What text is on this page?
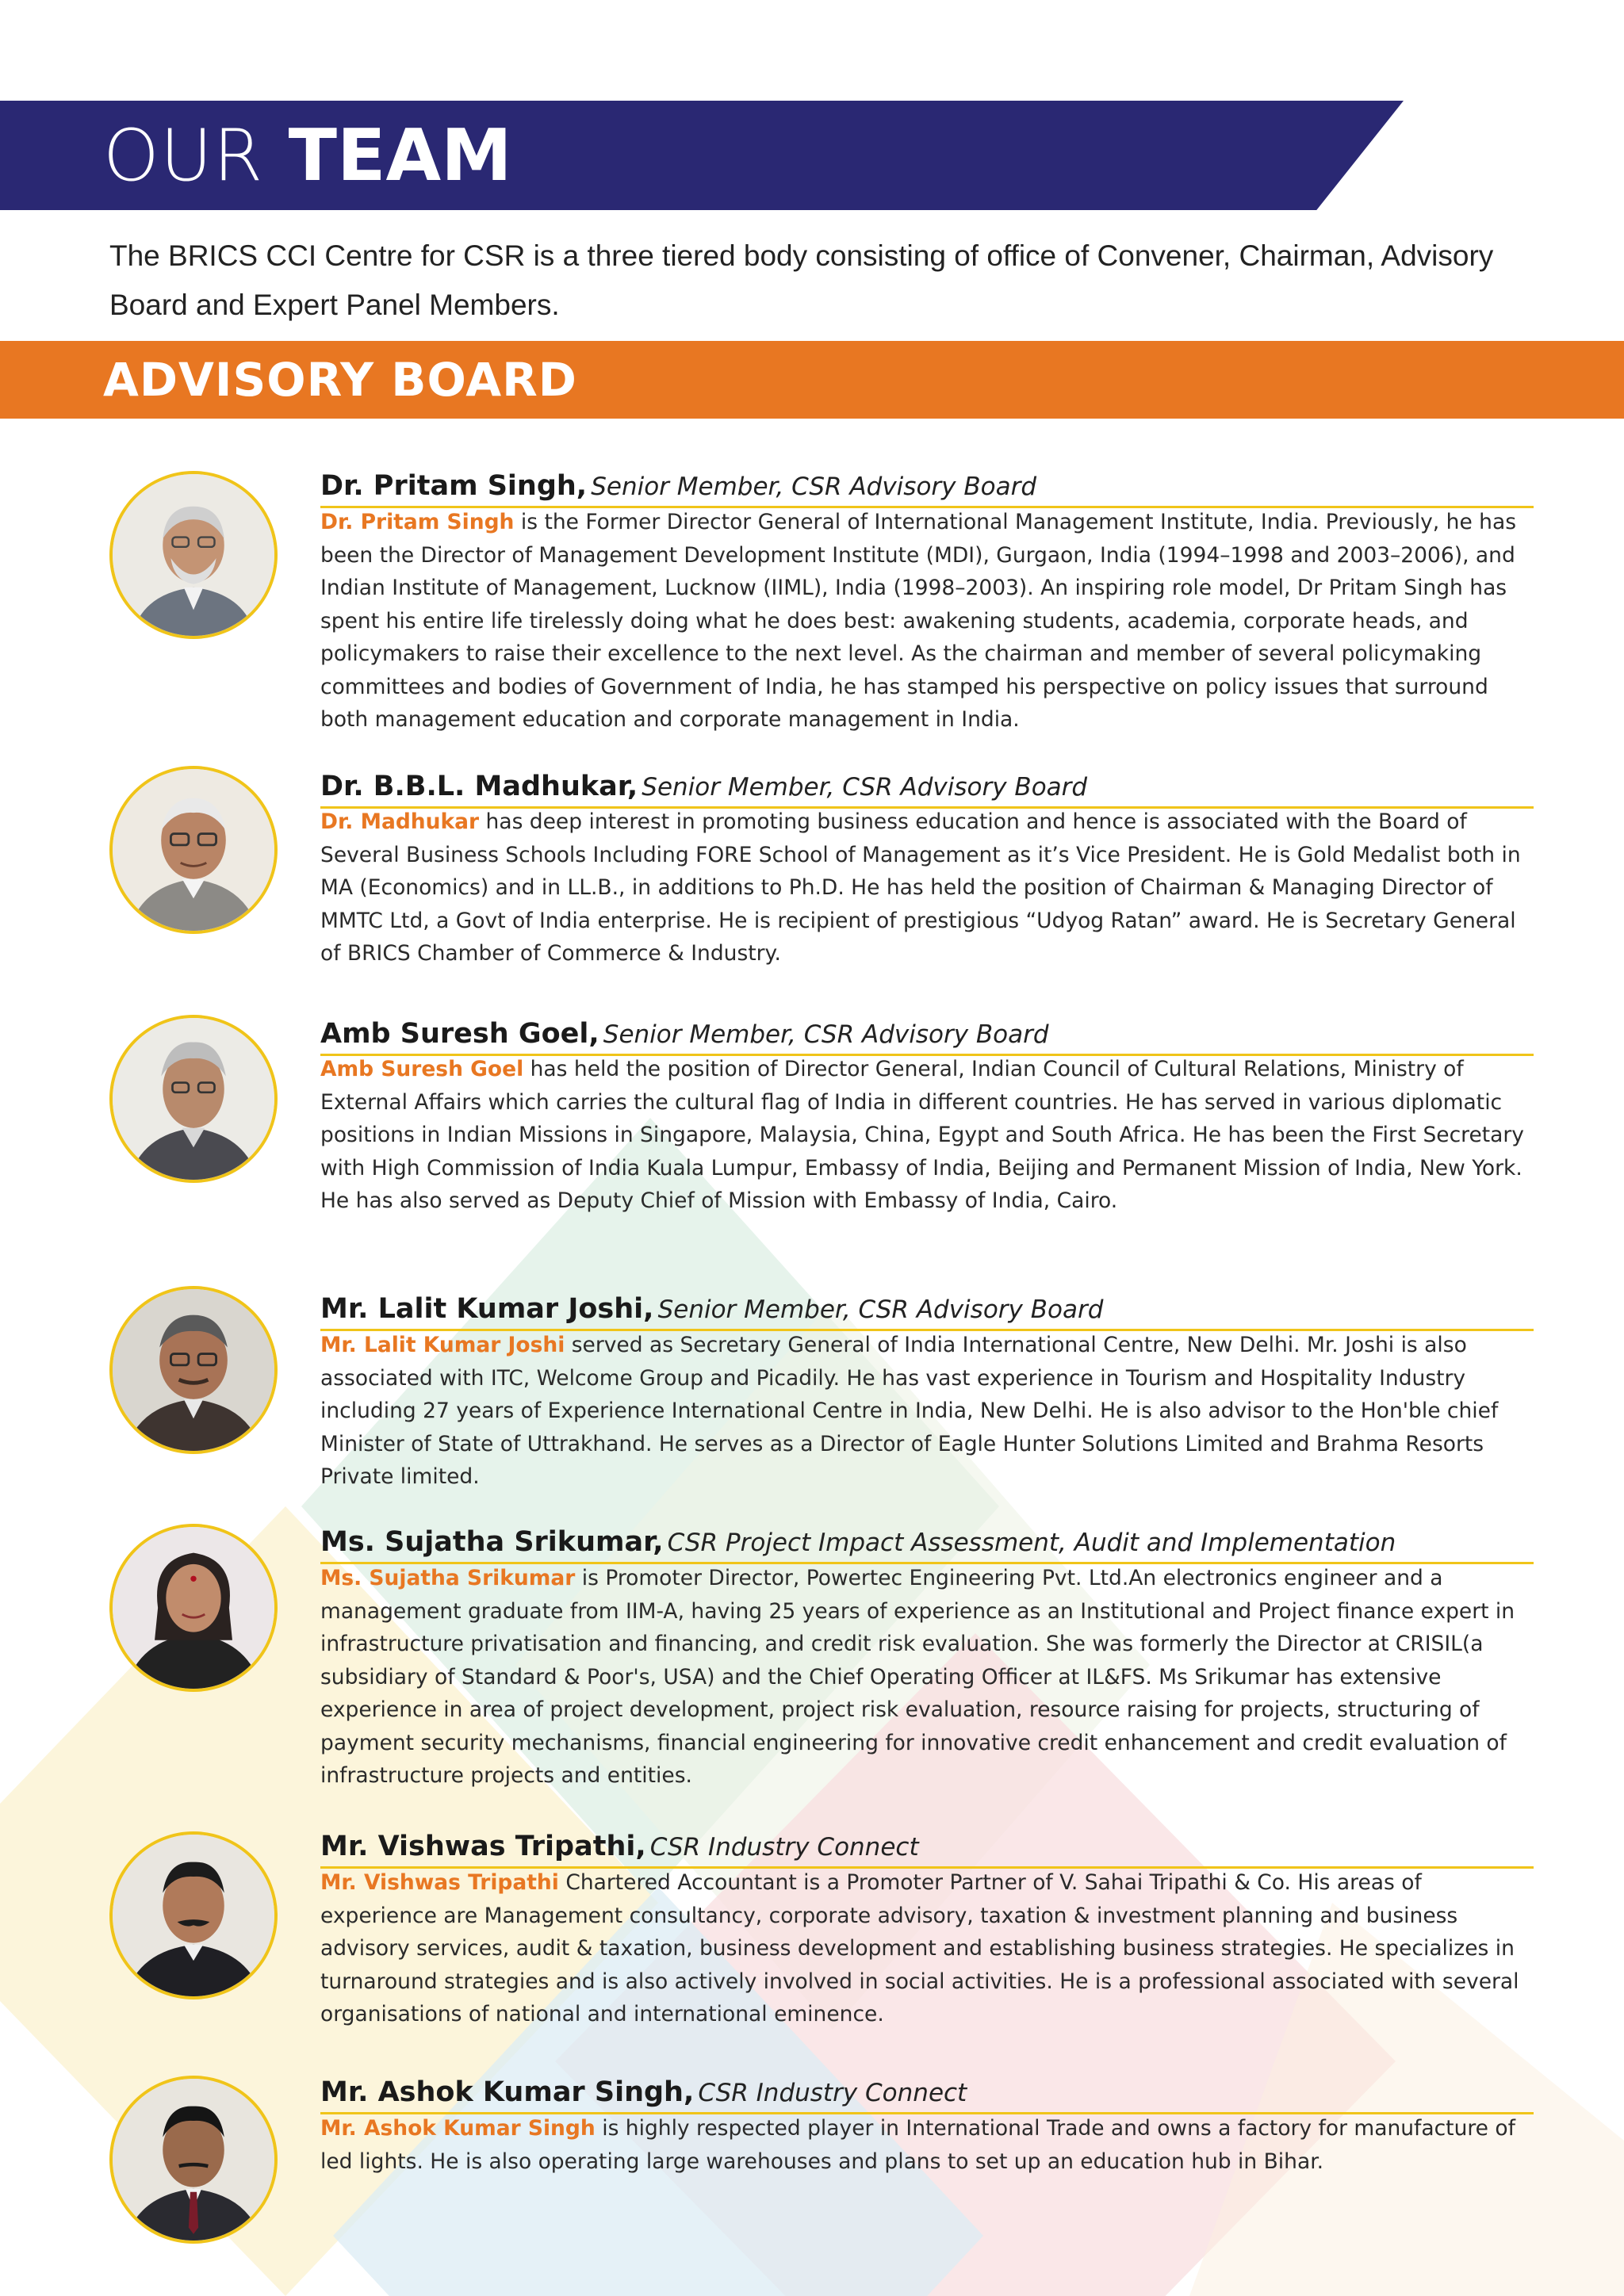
OUR TEAM

The BRICS CCI Centre for CSR is a three tiered body consisting of office of Convener, Chairman, Advisory Board and Expert Panel Members.

ADVISORY BOARD
Dr. Pritam Singh, Senior Member, CSR Advisory Board

Dr. Pritam Singh is the Former Director General of International Management Institute, India. Previously, he has been the Director of Management Development Institute (MDI), Gurgaon, India (1994–1998 and 2003–2006), and Indian Institute of Management, Lucknow (IIML), India (1998–2003). An inspiring role model, Dr Pritam Singh has spent his entire life tirelessly doing what he does best: awakening students, academia, corporate heads, and policymakers to raise their excellence to the next level. As the chairman and member of several policymaking committees and bodies of Government of India, he has stamped his perspective on policy issues that surround both management education and corporate management in India.

Dr. B.B.L. Madhukar, Senior Member, CSR Advisory Board

Dr. Madhukar has deep interest in promoting business education and hence is associated with the Board of Several Business Schools Including FORE School of Management as it’s Vice President. He is Gold Medalist both in MA (Economics) and in LL.B., in additions to Ph.D. He has held the position of Chairman & Managing Director of MMTC Ltd, a Govt of India enterprise. He is recipient of prestigious “Udyog Ratan” award. He is Secretary General of BRICS Chamber of Commerce & Industry.

Amb Suresh Goel, Senior Member, CSR Advisory Board

Amb Suresh Goel has held the position of Director General, Indian Council of Cultural Relations, Ministry of External Affairs which carries the cultural flag of India in different countries. He has served in various diplomatic positions in Indian Missions in Singapore, Malaysia, China, Egypt and South Africa. He has been the First Secretary with High Commission of India Kuala Lumpur, Embassy of India, Beijing and Permanent Mission of India, New York. He has also served as Deputy Chief of Mission with Embassy of India, Cairo.

Mr. Lalit Kumar Joshi, Senior Member, CSR Advisory Board

Mr. Lalit Kumar Joshi served as Secretary General of India International Centre, New Delhi. Mr. Joshi is also associated with ITC, Welcome Group and Picadily. He has vast experience in Tourism and Hospitality Industry including 27 years of Experience International Centre in India, New Delhi. He is also advisor to the Hon'ble chief Minister of State of Uttrakhand. He serves as a Director of Eagle Hunter Solutions Limited and Brahma Resorts Private limited.

Ms. Sujatha Srikumar, CSR Project Impact Assessment, Audit and Implementation

Ms. Sujatha Srikumar is Promoter Director, Powertec Engineering Pvt. Ltd.An electronics engineer and a management graduate from IIM-A, having 25 years of experience as an Institutional and Project finance expert in infrastructure privatisation and financing, and credit risk evaluation. She was formerly the Director at CRISIL(a subsidiary of Standard & Poor's, USA) and the Chief Operating Officer at IL&FS. Ms Srikumar has extensive experience in area of project development, project risk evaluation, resource raising for projects, structuring of payment security mechanisms, financial engineering for innovative credit enhancement and credit evaluation of infrastructure projects and entities.

Mr. Vishwas Tripathi, CSR Industry Connect

Mr. Vishwas Tripathi Chartered Accountant is a Promoter Partner of V. Sahai Tripathi & Co. His areas of experience are Management consultancy, corporate advisory, taxation & investment planning and business advisory services, audit & taxation, business development and establishing business strategies. He specializes in turnaround strategies and is also actively involved in social activities. He is a professional associated with several organisations of national and international eminence.

Mr. Ashok Kumar Singh, CSR Industry Connect

Mr. Ashok Kumar Singh is highly respected player in International Trade and owns a factory for manufacture of led lights. He is also operating large warehouses and plans to set up an education hub in Bihar.
